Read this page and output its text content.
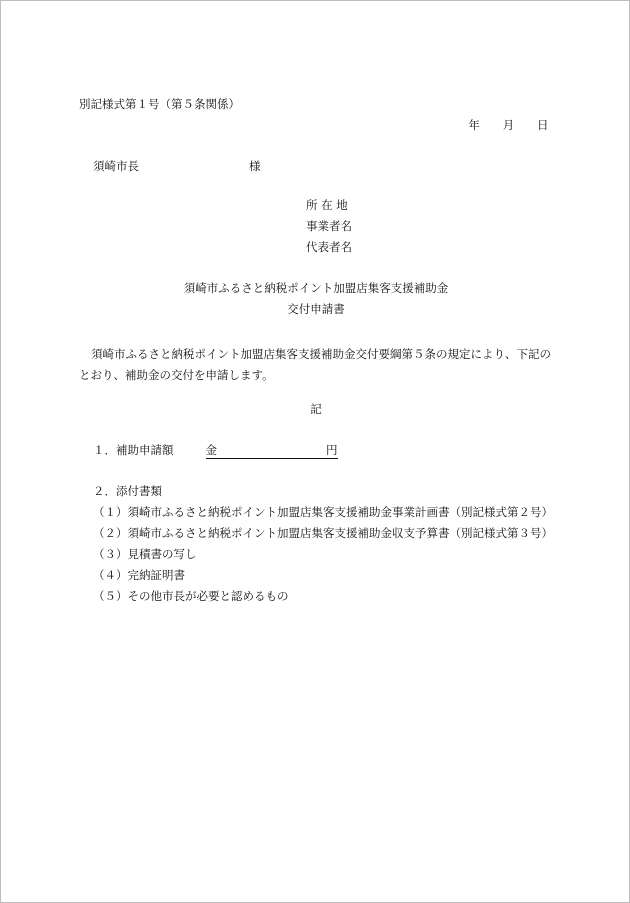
別記様式第１号（第５条関係）
年 月 日
須崎市長	様
所 在 地
事業者名
代表者名
須崎市ふるさと納税ポイント加盟店集客支援補助金
交付申請書
須崎市ふるさと納税ポイント加盟店集客支援補助金交付要綱第５条の規定により、下記のとおり、補助金の交付を申請します。
記
１．補助申請額	金	円
２．添付書類
（１）須崎市ふるさと納税ポイント加盟店集客支援補助金事業計画書（別記様式第２号）
（２）須崎市ふるさと納税ポイント加盟店集客支援補助金収支予算書（別記様式第３号）
（３）見積書の写し
（４）完納証明書
（５）その他市長が必要と認めるもの
